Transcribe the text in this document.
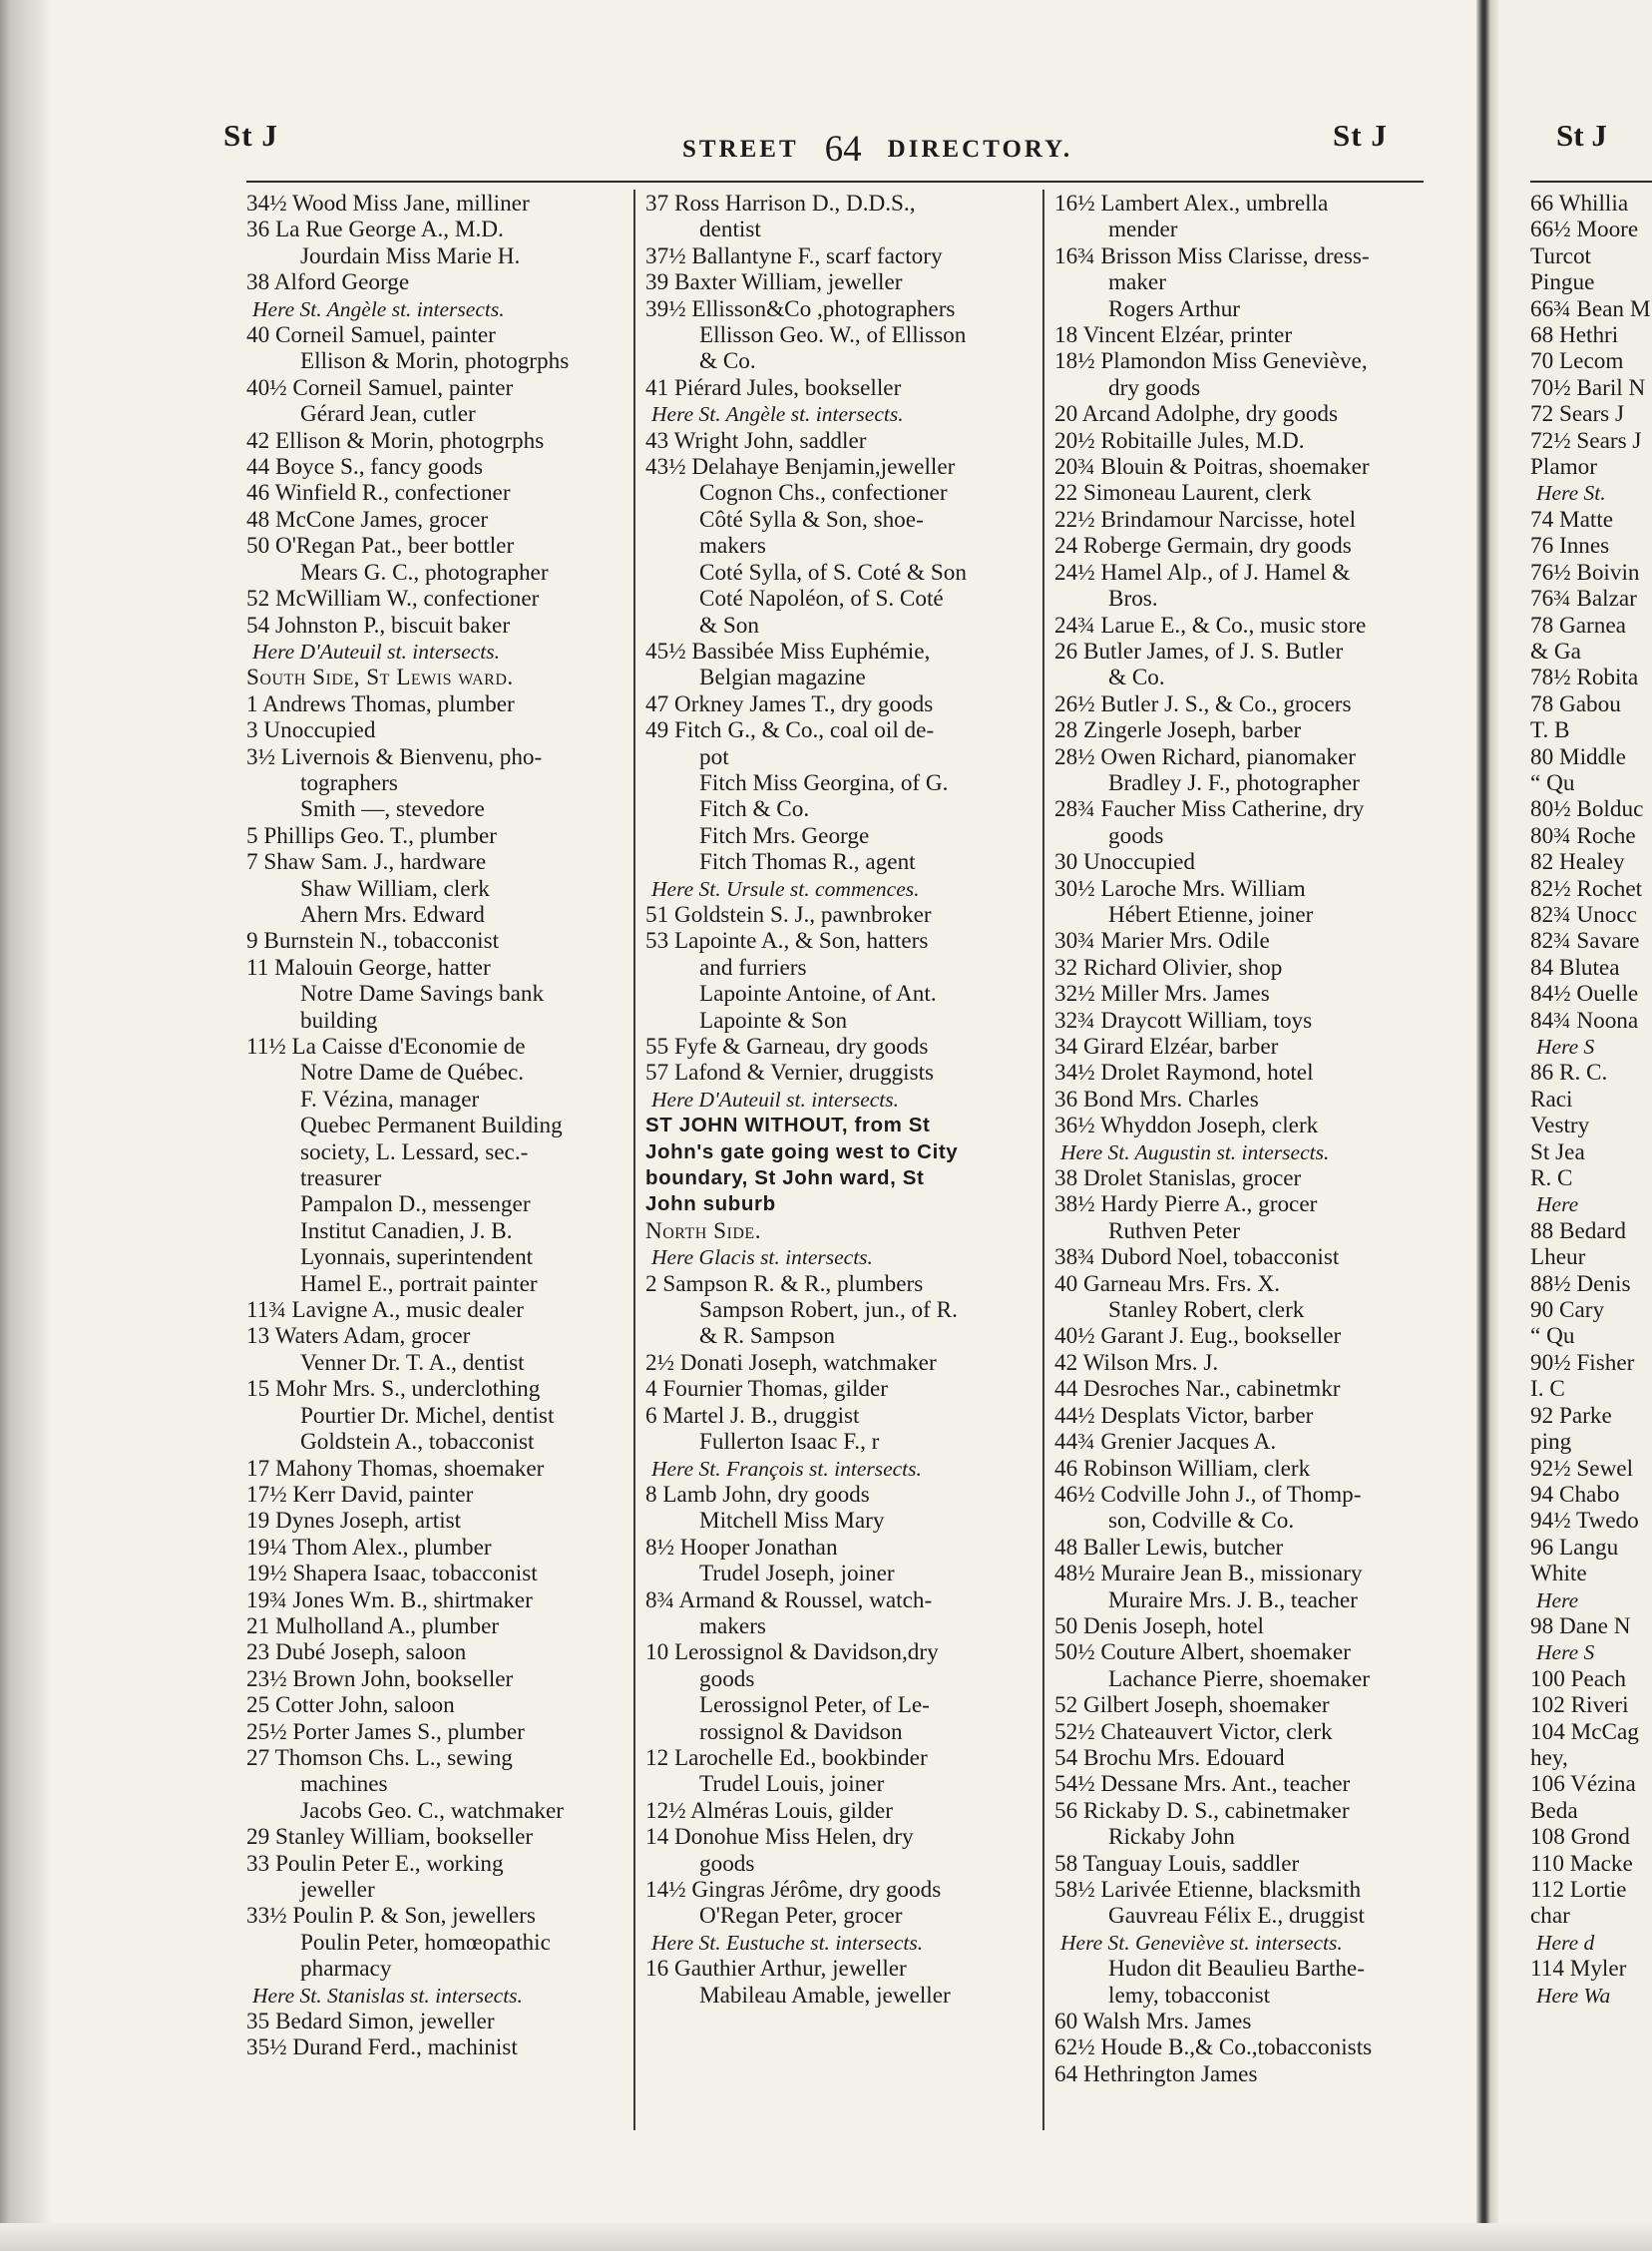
St J	STREET 64 DIRECTORY.	St J
34½ Wood Miss Jane, milliner
36 La Rue George A., M.D.
Jourdain Miss Marie H.
38 Alford George
Here St. Angèle st. intersects.
40 Corneil Samuel, painter
Ellison & Morin, photogrphs
40½ Corneil Samuel, painter
Gérard Jean, cutler
42 Ellison & Morin, photogrphs
44 Boyce S., fancy goods
46 Winfield R., confectioner
48 McCone James, grocer
50 O'Regan Pat., beer bottler
Mears G. C., photographer
52 McWilliam W., confectioner
54 Johnston P., biscuit baker
Here D'Auteuil st. intersects.
South Side, St Lewis ward.
1 Andrews Thomas, plumber
3 Unoccupied
3½ Livernois & Bienvenu, pho-
tographers
Smith —, stevedore
5 Phillips Geo. T., plumber
7 Shaw Sam. J., hardware
Shaw William, clerk
Ahern Mrs. Edward
9 Burnstein N., tobacconist
11 Malouin George, hatter
Notre Dame Savings bank
building
11½ La Caisse d'Economie de
Notre Dame de Québec.
F. Vézina, manager
Quebec Permanent Building
society, L. Lessard, sec.-
treasurer
Pampalon D., messenger
Institut Canadien, J. B.
Lyonnais, superintendent
Hamel E., portrait painter
11¾ Lavigne A., music dealer
13 Waters Adam, grocer
Venner Dr. T. A., dentist
15 Mohr Mrs. S., underclothing
Pourtier Dr. Michel, dentist
Goldstein A., tobacconist
17 Mahony Thomas, shoemaker
17½ Kerr David, painter
19 Dynes Joseph, artist
19¼ Thom Alex., plumber
19½ Shapera Isaac, tobacconist
19¾ Jones Wm. B., shirtmaker
21 Mulholland A., plumber
23 Dubé Joseph, saloon
23½ Brown John, bookseller
25 Cotter John, saloon
25½ Porter James S., plumber
27 Thomson Chs. L., sewing
machines
Jacobs Geo. C., watchmaker
29 Stanley William, bookseller
33 Poulin Peter E., working
jeweller
33½ Poulin P. & Son, jewellers
Poulin Peter, homœopathic
pharmacy
Here St. Stanislas st. intersects.
35 Bedard Simon, jeweller
35½ Durand Ferd., machinist
37 Ross Harrison D., D.D.S.,
dentist
37½ Ballantyne F., scarf factory
39 Baxter William, jeweller
39½ Ellisson&Co ,photographers
Ellisson Geo. W., of Ellisson
& Co.
41 Piérard Jules, bookseller
Here St. Angèle st. intersects.
43 Wright John, saddler
43½ Delahaye Benjamin,jeweller
Cognon Chs., confectioner
Côté Sylla & Son, shoe-
makers
Coté Sylla, of S. Coté & Son
Coté Napoléon, of S. Coté
& Son
45½ Bassibée Miss Euphémie,
Belgian magazine
47 Orkney James T., dry goods
49 Fitch G., & Co., coal oil de-
pot
Fitch Miss Georgina, of G.
Fitch & Co.
Fitch Mrs. George
Fitch Thomas R., agent
Here St. Ursule st. commences.
51 Goldstein S. J., pawnbroker
53 Lapointe A., & Son, hatters
and furriers
Lapointe Antoine, of Ant.
Lapointe & Son
55 Fyfe & Garneau, dry goods
57 Lafond & Vernier, druggists
Here D'Auteuil st. intersects.
ST JOHN WITHOUT, from St
John's gate going west to City
boundary, St John ward, St
John suburb
North Side.
Here Glacis st. intersects.
2 Sampson R. & R., plumbers
Sampson Robert, jun., of R.
& R. Sampson
2½ Donati Joseph, watchmaker
4 Fournier Thomas, gilder
6 Martel J. B., druggist
Fullerton Isaac F., r
Here St. François st. intersects.
8 Lamb John, dry goods
Mitchell Miss Mary
8½ Hooper Jonathan
Trudel Joseph, joiner
8¾ Armand & Roussel, watch-
makers
10 Lerossignol & Davidson,dry
goods
Lerossignol Peter, of Le-
rossignol & Davidson
12 Larochelle Ed., bookbinder
Trudel Louis, joiner
12½ Alméras Louis, gilder
14 Donohue Miss Helen, dry
goods
14½ Gingras Jérôme, dry goods
O'Regan Peter, grocer
Here St. Eustuche st. intersects.
16 Gauthier Arthur, jeweller
Mabileau Amable, jeweller
16½ Lambert Alex., umbrella
mender
16¾ Brisson Miss Clarisse, dress-
maker
Rogers Arthur
18 Vincent Elzéar, printer
18½ Plamondon Miss Geneviève,
dry goods
20 Arcand Adolphe, dry goods
20½ Robitaille Jules, M.D.
20¾ Blouin & Poitras, shoemaker
22 Simoneau Laurent, clerk
22½ Brindamour Narcisse, hotel
24 Roberge Germain, dry goods
24½ Hamel Alp., of J. Hamel &
Bros.
24¾ Larue E., & Co., music store
26 Butler James, of J. S. Butler
& Co.
26½ Butler J. S., & Co., grocers
28 Zingerle Joseph, barber
28½ Owen Richard, pianomaker
Bradley J. F., photographer
28¾ Faucher Miss Catherine, dry
goods
30 Unoccupied
30½ Laroche Mrs. William
Hébert Etienne, joiner
30¾ Marier Mrs. Odile
32 Richard Olivier, shop
32½ Miller Mrs. James
32¾ Draycott William, toys
34 Girard Elzéar, barber
34½ Drolet Raymond, hotel
36 Bond Mrs. Charles
36½ Whyddon Joseph, clerk
Here St. Augustin st. intersects.
38 Drolet Stanislas, grocer
38½ Hardy Pierre A., grocer
Ruthven Peter
38¾ Dubord Noel, tobacconist
40 Garneau Mrs. Frs. X.
Stanley Robert, clerk
40½ Garant J. Eug., bookseller
42 Wilson Mrs. J.
44 Desroches Nar., cabinetmkr
44½ Desplats Victor, barber
44¾ Grenier Jacques A.
46 Robinson William, clerk
46½ Codville John J., of Thomp-
son, Codville & Co.
48 Baller Lewis, butcher
48½ Muraire Jean B., missionary
Muraire Mrs. J. B., teacher
50 Denis Joseph, hotel
50½ Couture Albert, shoemaker
Lachance Pierre, shoemaker
52 Gilbert Joseph, shoemaker
52½ Chateauvert Victor, clerk
54 Brochu Mrs. Edouard
54½ Dessane Mrs. Ant., teacher
56 Rickaby D. S., cabinetmaker
Rickaby John
58 Tanguay Louis, saddler
58½ Larivée Etienne, blacksmith
Gauvreau Félix E., druggist
Here St. Geneviève st. intersects.
Hudon dit Beaulieu Barthe-
lemy, tobacconist
60 Walsh Mrs. James
62½ Houde B.,& Co.,tobacconists
64 Hethrington James
St J
66 Whillia
66½ Moore
Turcot
Pingue
66¾ Bean M
68 Hethri
70 Lecom
70½ Baril N
72 Sears J
72½ Sears J
Plamor
Here St.
74 Matte
76 Innes
76½ Boivin
76¾ Balzar
78 Garnea
& Ga
78½ Robita
78 Gabou
T. B
80 Middle
“ Qu
80½ Bolduc
80¾ Roche
82 Healey
82½ Rochet
82¾ Unocc
82¾ Savare
84 Blutea
84½ Ouelle
84¾ Noona
Here S
86 R. C.
Raci
Vestry
St Jea
R. C
Here
88 Bedard
Lheur
88½ Denis
90 Cary
“ Qu
90½ Fisher
I. C
92 Parke
ping
92½ Sewel
94 Chabo
94½ Twedo
96 Langu
White
Here
98 Dane N
Here S
100 Peach
102 Riveri
104 McCag
hey,
106 Vézina
Beda
108 Grond
110 Macke
112 Lortie
char
Here d
114 Myler
Here Wa
